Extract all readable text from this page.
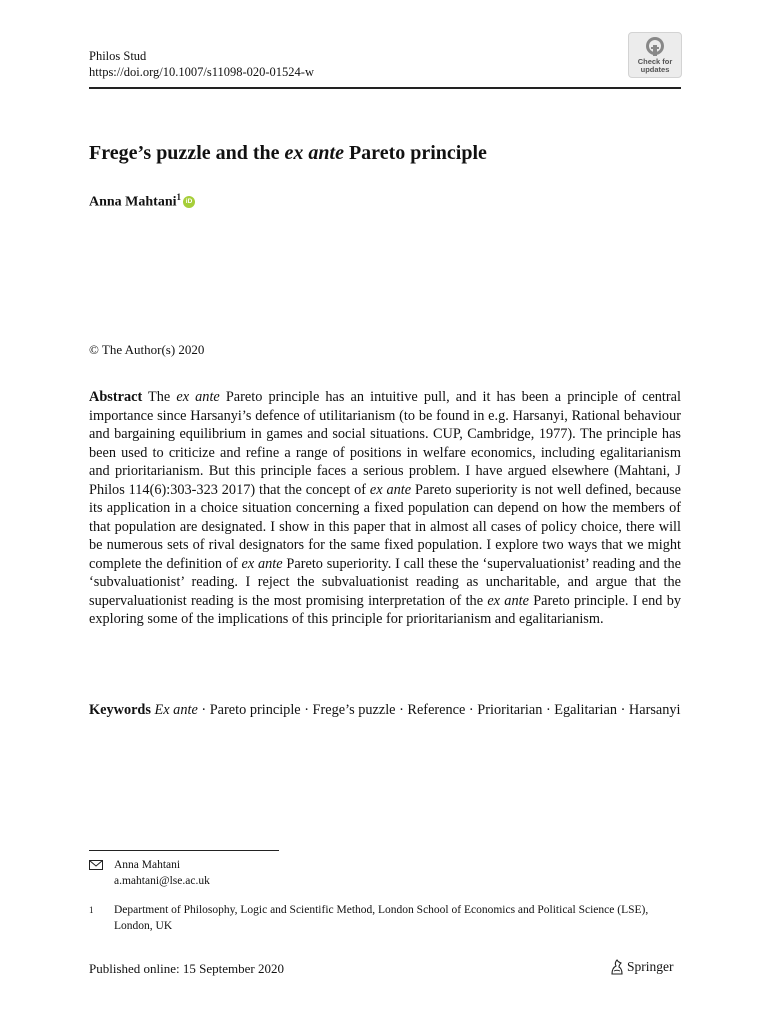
Philos Stud
https://doi.org/10.1007/s11098-020-01524-w
Check for
updates
Frege’s puzzle and the ex ante Pareto principle
Anna Mahtani$^1$ iD
© The Author(s) 2020

Abstract The ex ante Pareto principle has an intuitive pull, and it has been a principle of central importance since Harsanyi’s defence of utilitarianism (to be found in e.g. Harsanyi, Rational behaviour and bargaining equilibrium in games and social situations. CUP, Cambridge, 1977). The principle has been used to criticize and refine a range of positions in welfare economics, including egalitarianism and prioritarianism. But this principle faces a serious problem. I have argued elsewhere (Mahtani, J Philos 114(6):303-323 2017) that the concept of ex ante Pareto superiority is not well defined, because its application in a choice situation concerning a fixed population can depend on how the members of that population are designated. I show in this paper that in almost all cases of policy choice, there will be numerous sets of rival designators for the same fixed population. I explore two ways that we might complete the definition of ex ante Pareto superiority. I call these the ‘supervaluationist’ reading and the ‘subvaluationist’ reading. I reject the subvaluationist reading as uncharitable, and argue that the supervaluationist reading is the most promising interpretation of the ex ante Pareto principle. I end by exploring some of the implications of this principle for prioritarianism and egalitarianism.

Keywords Ex ante · Pareto principle · Frege’s puzzle · Reference · Prioritarian · Egalitarian · Harsanyi

Anna Mahtani
a.mahtani@lse.ac.uk
1	Department of Philosophy, Logic and Scientific Method, London School of Economics and Political Science (LSE), London, UK
Published online: 15 September 2020	Springer
